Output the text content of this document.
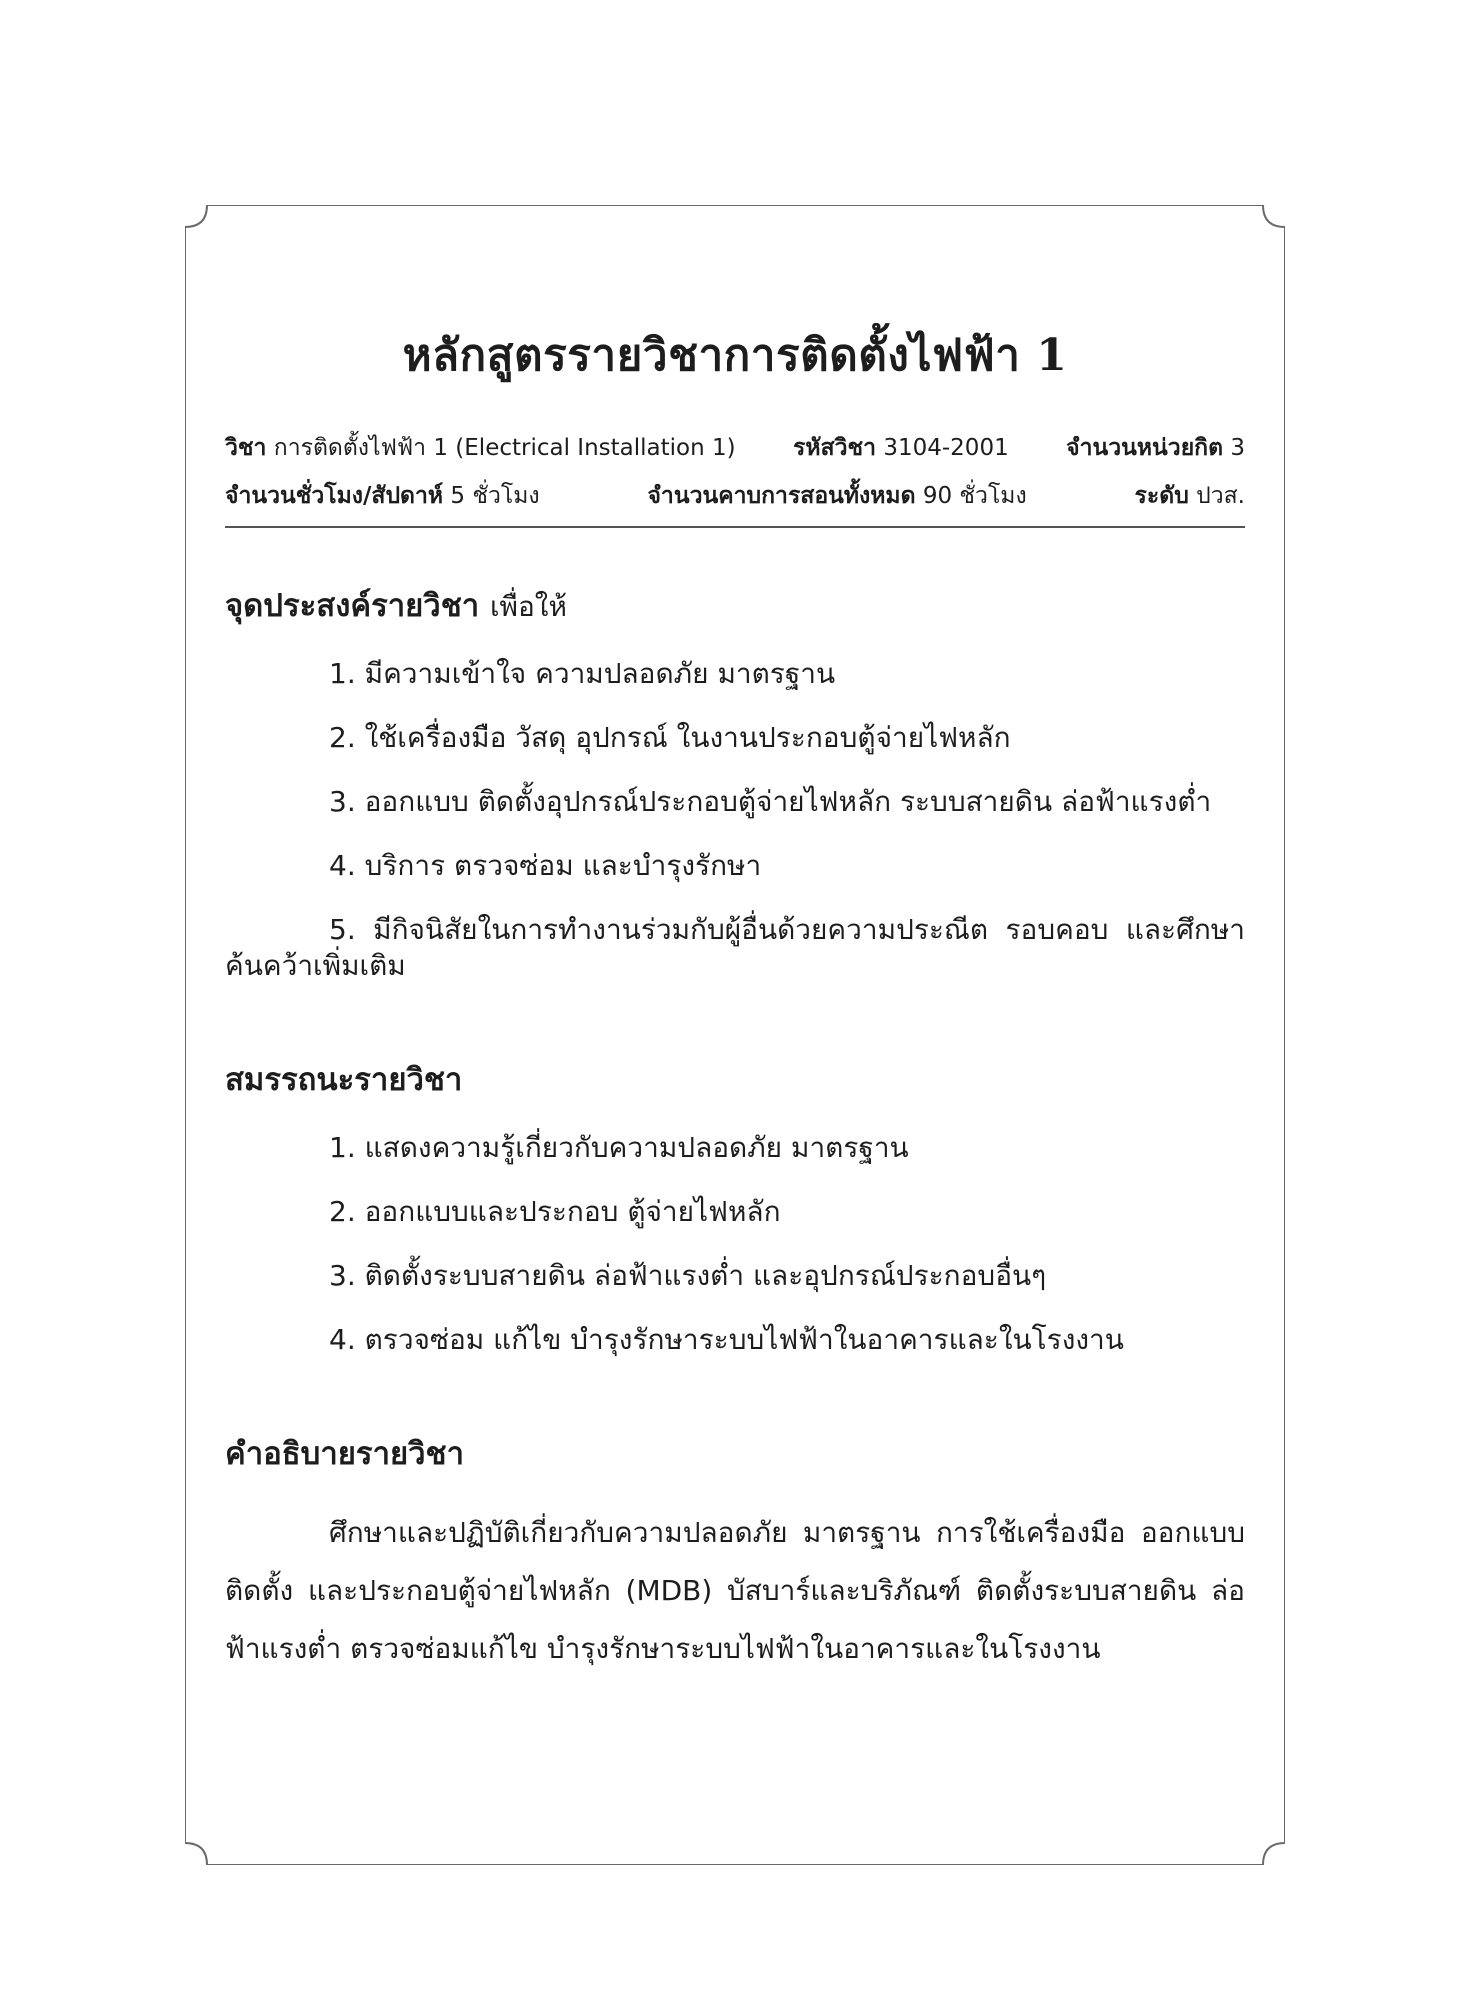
หลักสูตรรายวิชาการติดตั้งไฟฟ้า 1
วิชา การติดตั้งไฟฟ้า 1 (Electrical Installation 1) รหัสวิชา 3104-2001 จำนวนหน่วยกิต 3
จำนวนชั่วโมง/สัปดาห์ 5 ชั่วโมง	จำนวนคาบการสอนทั้งหมด 90 ชั่วโมง	ระดับ ปวส.
จุดประสงค์รายวิชา เพื่อให้
1. มีความเข้าใจ ความปลอดภัย มาตรฐาน
2. ใช้เครื่องมือ วัสดุ อุปกรณ์ ในงานประกอบตู้จ่ายไฟหลัก
3. ออกแบบ ติดตั้งอุปกรณ์ประกอบตู้จ่ายไฟหลัก ระบบสายดิน ล่อฟ้าแรงต่ำ
4. บริการ ตรวจซ่อม และบำรุงรักษา
5. มีกิจนิสัยในการทำงานร่วมกับผู้อื่นด้วยความประณีต รอบคอบ และศึกษาค้นคว้าเพิ่มเติม
สมรรถนะรายวิชา
1. แสดงความรู้เกี่ยวกับความปลอดภัย มาตรฐาน
2. ออกแบบและประกอบ ตู้จ่ายไฟหลัก
3. ติดตั้งระบบสายดิน ล่อฟ้าแรงต่ำ และอุปกรณ์ประกอบอื่นๆ
4. ตรวจซ่อม แก้ไข บำรุงรักษาระบบไฟฟ้าในอาคารและในโรงงาน
คำอธิบายรายวิชา

ศึกษาและปฏิบัติเกี่ยวกับความปลอดภัย มาตรฐาน การใช้เครื่องมือ ออกแบบ ติดตั้ง และประกอบตู้จ่ายไฟหลัก (MDB) บัสบาร์และบริภัณฑ์ ติดตั้งระบบสายดิน ล่อฟ้าแรงต่ำ ตรวจซ่อมแก้ไข บำรุงรักษาระบบไฟฟ้าในอาคารและในโรงงาน
